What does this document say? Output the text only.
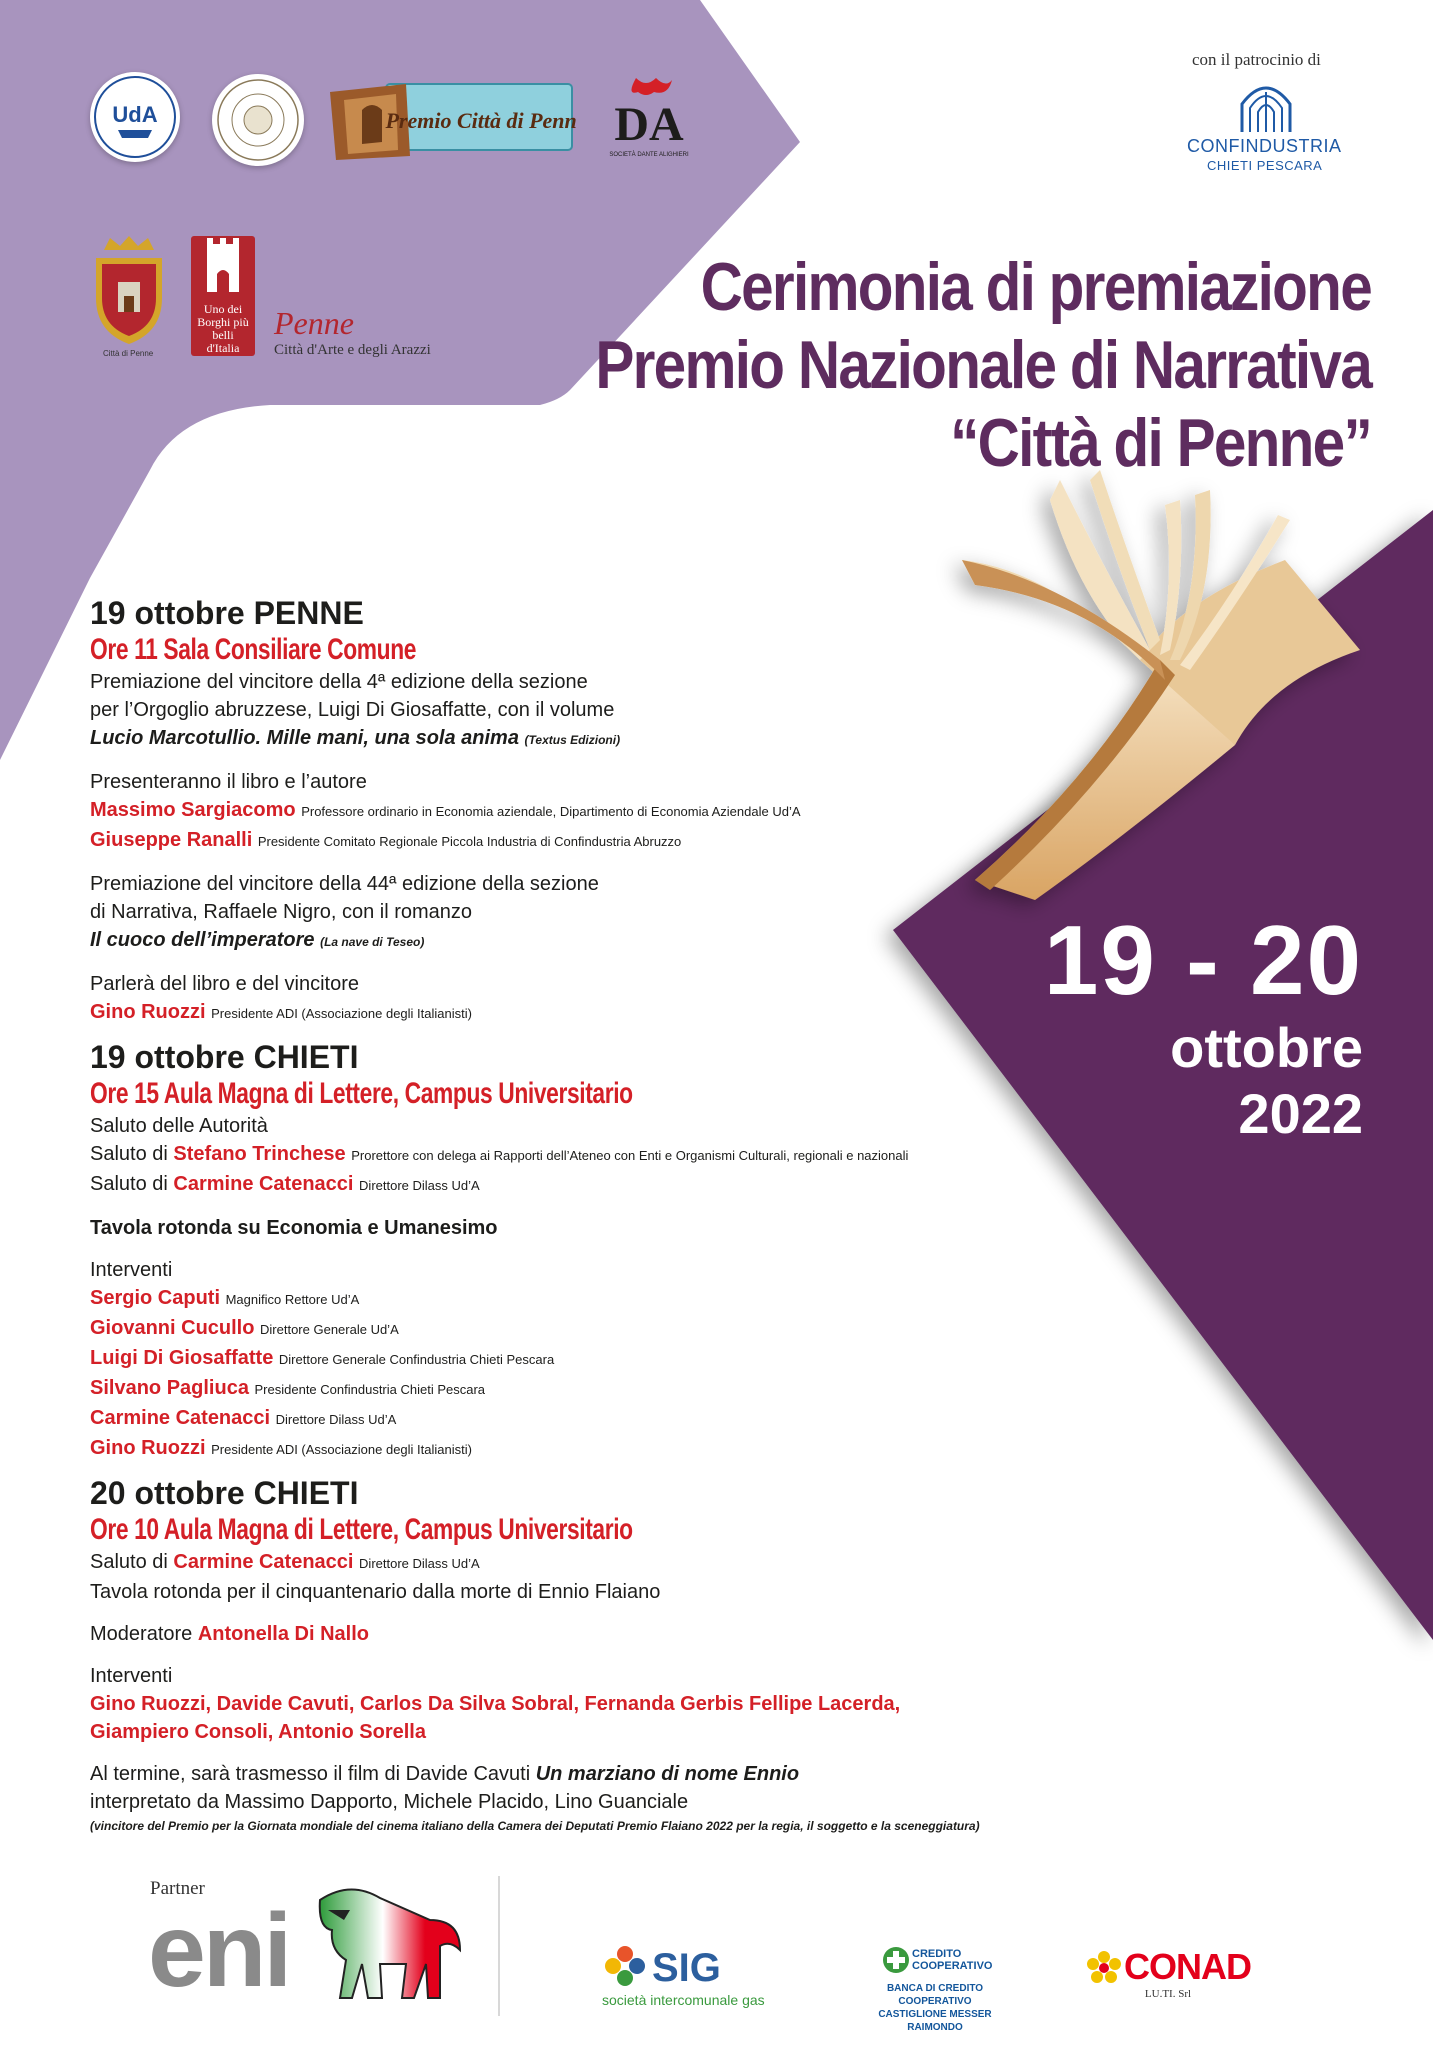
UdA	Premio Città di Penne DA
SOCIETÀ DANTE ALIGHIERI
con il patrocinio di
CONFINDUSTRIA
CHIETI PESCARA
Città di Penne
Uno dei Borghi più belli d'Italia
Penne
Città d'Arte e degli Arazzi
Cerimonia di premiazione
Premio Nazionale di Narrativa
“Città di Penne”
19 - 20
ottobre
2022
19 ottobre PENNE
Ore 11 Sala Consiliare Comune
Premiazione del vincitore della 4ª edizione della sezione
per l’Orgoglio abruzzese, Luigi Di Giosaffatte, con il volume
Lucio Marcotullio. Mille mani, una sola anima (Textus Edizioni)
Presenteranno il libro e l’autore
Massimo Sargiacomo Professore ordinario in Economia aziendale, Dipartimento di Economia Aziendale Ud’A
Giuseppe Ranalli Presidente Comitato Regionale Piccola Industria di Confindustria Abruzzo
Premiazione del vincitore della 44ª edizione della sezione
di Narrativa, Raffaele Nigro, con il romanzo
Il cuoco dell’imperatore (La nave di Teseo)
Parlerà del libro e del vincitore
Gino Ruozzi Presidente ADI (Associazione degli Italianisti)
19 ottobre CHIETI
Ore 15 Aula Magna di Lettere, Campus Universitario
Saluto delle Autorità
Saluto di Stefano Trinchese Prorettore con delega ai Rapporti dell’Ateneo con Enti e Organismi Culturali, regionali e nazionali
Saluto di Carmine Catenacci Direttore Dilass Ud’A
Tavola rotonda su Economia e Umanesimo
Interventi
Sergio Caputi Magnifico Rettore Ud’A
Giovanni Cucullo Direttore Generale Ud’A
Luigi Di Giosaffatte Direttore Generale Confindustria Chieti Pescara
Silvano Pagliuca Presidente Confindustria Chieti Pescara
Carmine Catenacci Direttore Dilass Ud’A
Gino Ruozzi Presidente ADI (Associazione degli Italianisti)
20 ottobre CHIETI
Ore 10 Aula Magna di Lettere, Campus Universitario
Saluto di Carmine Catenacci Direttore Dilass Ud’A
Tavola rotonda per il cinquantenario dalla morte di Ennio Flaiano
Moderatore Antonella Di Nallo
Interventi
Gino Ruozzi, Davide Cavuti, Carlos Da Silva Sobral, Fernanda Gerbis Fellipe Lacerda,
Giampiero Consoli, Antonio Sorella
Al termine, sarà trasmesso il film di Davide Cavuti Un marziano di nome Ennio
interpretato da Massimo Dapporto, Michele Placido, Lino Guanciale
(vincitore del Premio per la Giornata mondiale del cinema italiano della Camera dei Deputati Premio Flaiano 2022 per la regia, il soggetto e la sceneggiatura)
Partner
eni	SIG
società intercomunale gas
CREDITO
COOPERATIVO
BANCA DI CREDITO COOPERATIVO
CASTIGLIONE MESSER RAIMONDO
CONAD
LU.TI. Srl
